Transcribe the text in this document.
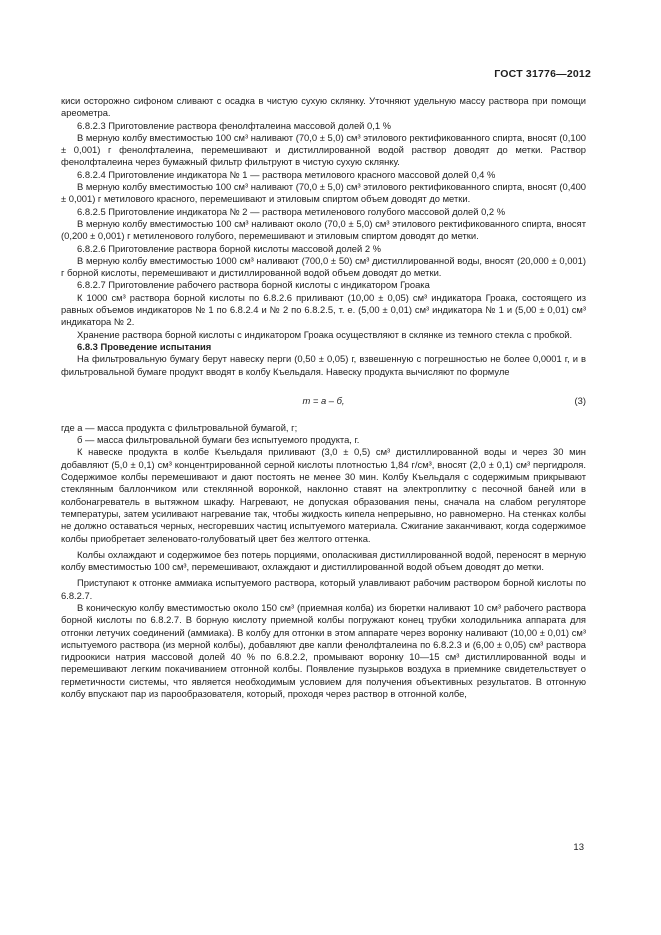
ГОСТ 31776—2012

киси осторожно сифоном сливают с осадка в чистую сухую склянку. Уточняют удельную массу раствора при помощи ареометра.

6.8.2.3 Приготовление раствора фенолфталеина массовой долей 0,1 %

В мерную колбу вместимостью 100 см³ наливают (70,0 ± 5,0) см³ этилового ректификованного спирта, вносят (0,100 ± 0,001) г фенолфталеина, перемешивают и дистиллированной водой раствор доводят до метки. Раствор фенолфталеина через бумажный фильтр фильтруют в чистую сухую склянку.

6.8.2.4 Приготовление индикатора № 1 — раствора метилового красного массовой долей 0,4 %

В мерную колбу вместимостью 100 см³ наливают (70,0 ± 5,0) см³ этилового ректификованного спирта, вносят (0,400 ± 0,001) г метилового красного, перемешивают и этиловым спиртом объем доводят до метки.

6.8.2.5 Приготовление индикатора № 2 — раствора метиленового голубого массовой долей 0,2 %

В мерную колбу вместимостью 100 см³ наливают около (70,0 ± 5,0) см³ этилового ректификованного спирта, вносят (0,200 ± 0,001) г метиленового голубого, перемешивают и этиловым спиртом доводят до метки.

6.8.2.6 Приготовление раствора борной кислоты массовой долей 2 %

В мерную колбу вместимостью 1000 см³ наливают (700,0 ± 50) см³ дистиллированной воды, вносят (20,000 ± 0,001) г борной кислоты, перемешивают и дистиллированной водой объем доводят до метки.

6.8.2.7 Приготовление рабочего раствора борной кислоты с индикатором Гроака

К 1000 см³ раствора борной кислоты по 6.8.2.6 приливают (10,00 ± 0,05) см³ индикатора Гроака, состоящего из равных объемов индикаторов № 1 по 6.8.2.4 и № 2 по 6.8.2.5, т. е. (5,00 ± 0,01) см³ индикатора № 1 и (5,00 ± 0,01) см³ индикатора № 2.

Хранение раствора борной кислоты с индикатором Гроака осуществляют в склянке из темного стекла с пробкой.

6.8.3 Проведение испытания

На фильтровальную бумагу берут навеску перги (0,50 ± 0,05) г, взвешенную с погрешностью не более 0,0001 г, и в фильтровальной бумаге продукт вводят в колбу Къельдаля. Навеску продукта вычисляют по формуле

m = а – б,	(3)

где а — масса продукта с фильтровальной бумагой, г;

б — масса фильтровальной бумаги без испытуемого продукта, г.

К навеске продукта в колбе Къельдаля приливают (3,0 ± 0,5) см³ дистиллированной воды и через 30 мин добавляют (5,0 ± 0,1) см³ концентрированной серной кислоты плотностью 1,84 г/см³, вносят (2,0 ± 0,1) см³ пергидроля. Содержимое колбы перемешивают и дают постоять не менее 30 мин. Колбу Къельдаля с содержимым прикрывают стеклянным баллончиком или стеклянной воронкой, наклонно ставят на электроплитку с песочной баней или в колбонагреватель в вытяжном шкафу. Нагревают, не допуская образования пены, сначала на слабом регуляторе температуры, затем усиливают нагревание так, чтобы жидкость кипела непрерывно, но равномерно. На стенках колбы не должно оставаться черных, несгоревших частиц испытуемого материала. Сжигание заканчивают, когда содержимое колбы приобретает зеленовато-голубоватый цвет без желтого оттенка.

Колбы охлаждают и содержимое без потерь порциями, ополаскивая дистиллированной водой, переносят в мерную колбу вместимостью 100 см³, перемешивают, охлаждают и дистиллированной водой объем доводят до метки.

Приступают к отгонке аммиака испытуемого раствора, который улавливают рабочим раствором борной кислоты по 6.8.2.7.

В коническую колбу вместимостью около 150 см³ (приемная колба) из бюретки наливают 10 см³ рабочего раствора борной кислоты по 6.8.2.7. В борную кислоту приемной колбы погружают конец трубки холодильника аппарата для отгонки летучих соединений (аммиака). В колбу для отгонки в этом аппарате через воронку наливают (10,00 ± 0,01) см³ испытуемого раствора (из мерной колбы), добавляют две капли фенолфталеина по 6.8.2.3 и (6,00 ± 0,05) см³ раствора гидроокиси натрия массовой долей 40 % по 6.8.2.2, промывают воронку 10—15 см³ дистиллированной воды и перемешивают легким покачиванием отгонной колбы. Появление пузырьков воздуха в приемнике свидетельствует о герметичности системы, что является необходимым условием для получения объективных результатов. В отгонную колбу впускают пар из парообразователя, который, проходя через раствор в отгонной колбе,

13
